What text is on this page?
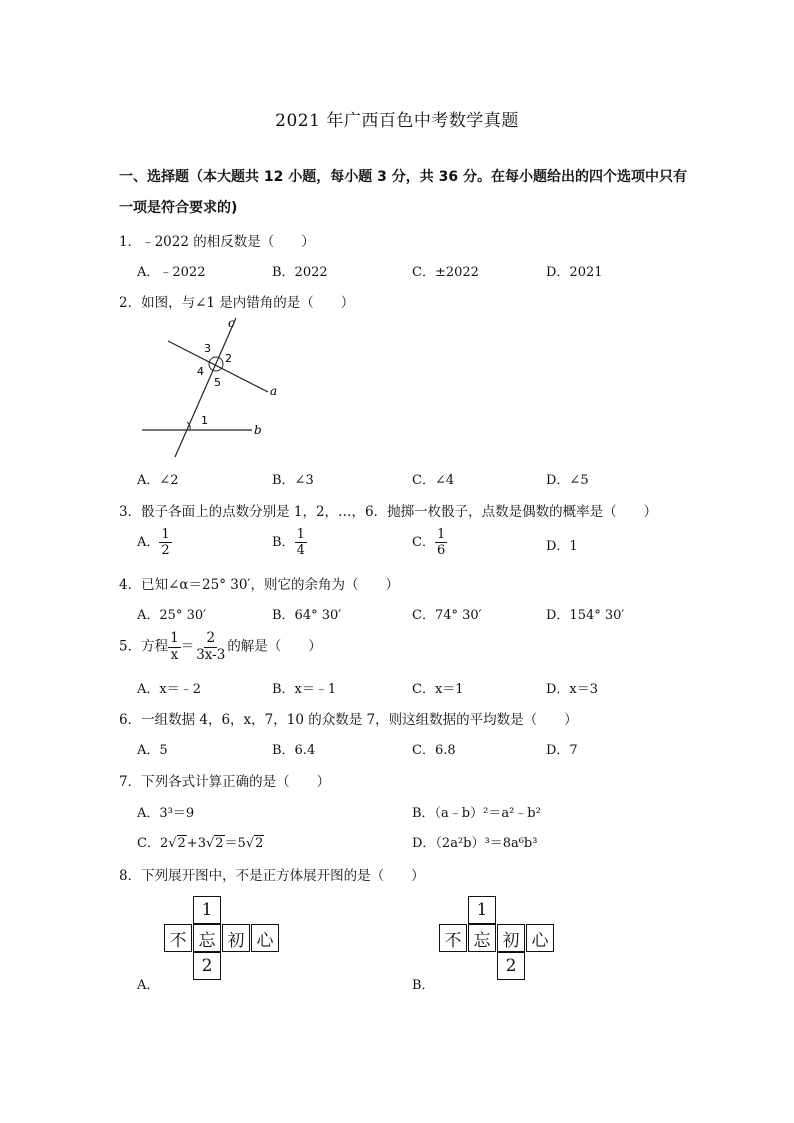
2021 年广西百色中考数学真题
一、选择题（本大题共 12 小题，每小题 3 分，共 36 分。在每小题给出的四个选项中只有
一项是符合要求的)
1．﹣2022 的相反数是（　　）
A．﹣2022	B．2022	C．±2022	D．2021
2．如图，与∠1 是内错角的是（　　）
c
a
b
3
2
4
5
1
A．∠2	B．∠3	C．∠4	D．∠5
3．骰子各面上的点数分别是 1，2，…，6．抛掷一枚骰子，点数是偶数的概率是（　　）
A． $\frac{1}{2}$	B． $\frac{1}{4}$	C． $\frac{1}{6}$	D．1
4．已知∠α＝25° 30′，则它的余角为（　　）
A．25° 30′	B．64° 30′	C．74° 30′	D．154° 30′
5．方程 $\frac{1}{x} = \frac{2}{3x-3}$ 的解是（　　）
A．x＝﹣2	B．x＝﹣1	C．x＝1	D．x＝3
6．一组数据 4，6，x，7，10 的众数是 7，则这组数据的平均数是（　　）
A．5	B．6.4	C．6.8	D．7
7．下列各式计算正确的是（　　）
A．3³＝9	B．（a﹣b）²＝a²﹣b²
C．2√2+3√2＝5√2	D．（2a²b）³＝8a⁶b³
8．下列展开图中，不是正方体展开图的是（　　）
1
不 忘 初 心
2
A．
1
不 忘 初 心
2
B．
